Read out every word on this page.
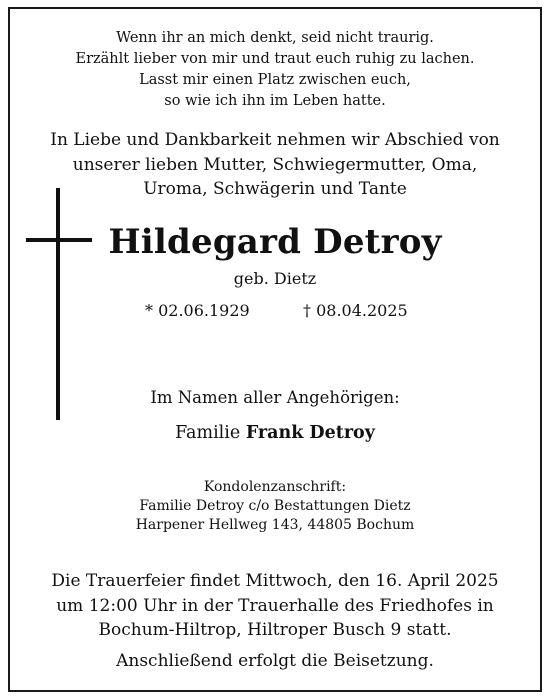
Wenn ihr an mich denkt, seid nicht traurig.
Erzählt lieber von mir und traut euch ruhig zu lachen.
Lasst mir einen Platz zwischen euch,
so wie ich ihn im Leben hatte.
In Liebe und Dankbarkeit nehmen wir Abschied von
unserer lieben Mutter, Schwiegermutter, Oma,
Uroma, Schwägerin und Tante
Hildegard Detroy
geb. Dietz
* 02.06.1929	† 08.04.2025
Im Namen aller Angehörigen:
Familie Frank Detroy
Kondolenzanschrift:
Familie Detroy c/o Bestattungen Dietz
Harpener Hellweg 143, 44805 Bochum
Die Trauerfeier findet Mittwoch, den 16. April 2025
um 12:00 Uhr in der Trauerhalle des Friedhofes in
Bochum-Hiltrop, Hiltroper Busch 9 statt.
Anschließend erfolgt die Beisetzung.
